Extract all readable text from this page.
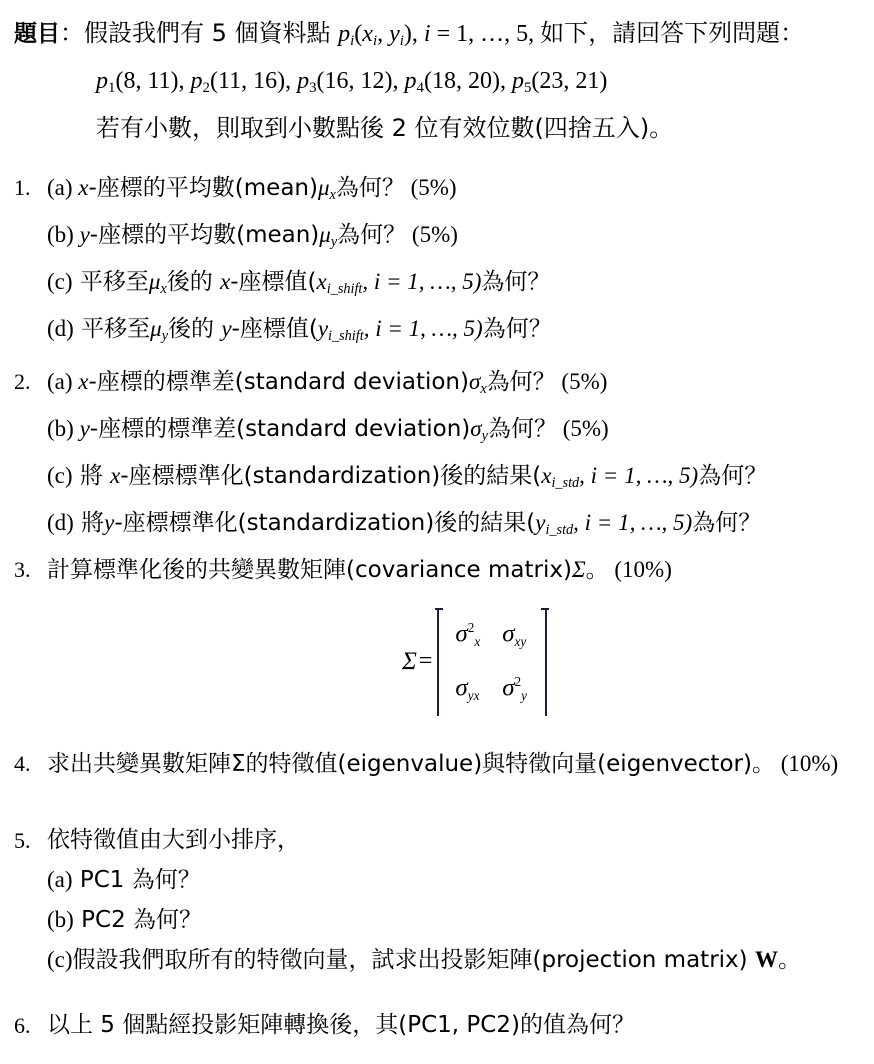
題目：假設我們有 5 個資料點 $p_i(x_i$, $y_i$), i = 1, …, 5, 如下，請回答下列問題：
p1(8, 11), p2(11, 16), p3(16, 12), p4(18, 20), p5(23, 21)
若有小數，則取到小數點後 2 位有效位數(四捨五入)。
1. (a) x-座標的平均數$(mean)\mu_x$為何？ (5%)
(b) y-座標的平均數$(mean)\mu_y$為何？ (5%)
(c) 平移至$\mu_x$後的 x-座標值($x_{i\_shift}$, i = 1, …, 5)為何？
(d) 平移至$\mu_y$後的 y-座標值($y_{i\_shift}$, i = 1, …, 5)為何？
2. (a) x-座標的標準差(standard $deviation)\sigma_x$為何？ (5%)
(b) y-座標的標準差(standard $deviation)\sigma_y$為何？ (5%)
(c) 將 x-座標標準化(standardization)後的結果($x_{i\_std}$, i = 1, …, 5)為何？
(d) 將y-座標標準化(standardization)後的結果($y_{i\_std}$, i = 1, …, 5)為何？
3. 計算標準化後的共變異數矩陣(covariance matrix)Σ。 (10%)
4. 求出共變異數矩陣Σ的特徵值(eigenvalue)與特徵向量(eigenvector)。 (10%)
5. 依特徵值由大到小排序，
(a) PC1 為何？
(b) PC2 為何？
(c)假設我們取所有的特徵向量，試求出投影矩陣(projection matrix) W。
6. 以上 5 個點經投影矩陣轉換後，其(PC1, PC2)的值為何？
Σ =
$\sigma^2x$	σxy
σyx	$\sigma^2y$
